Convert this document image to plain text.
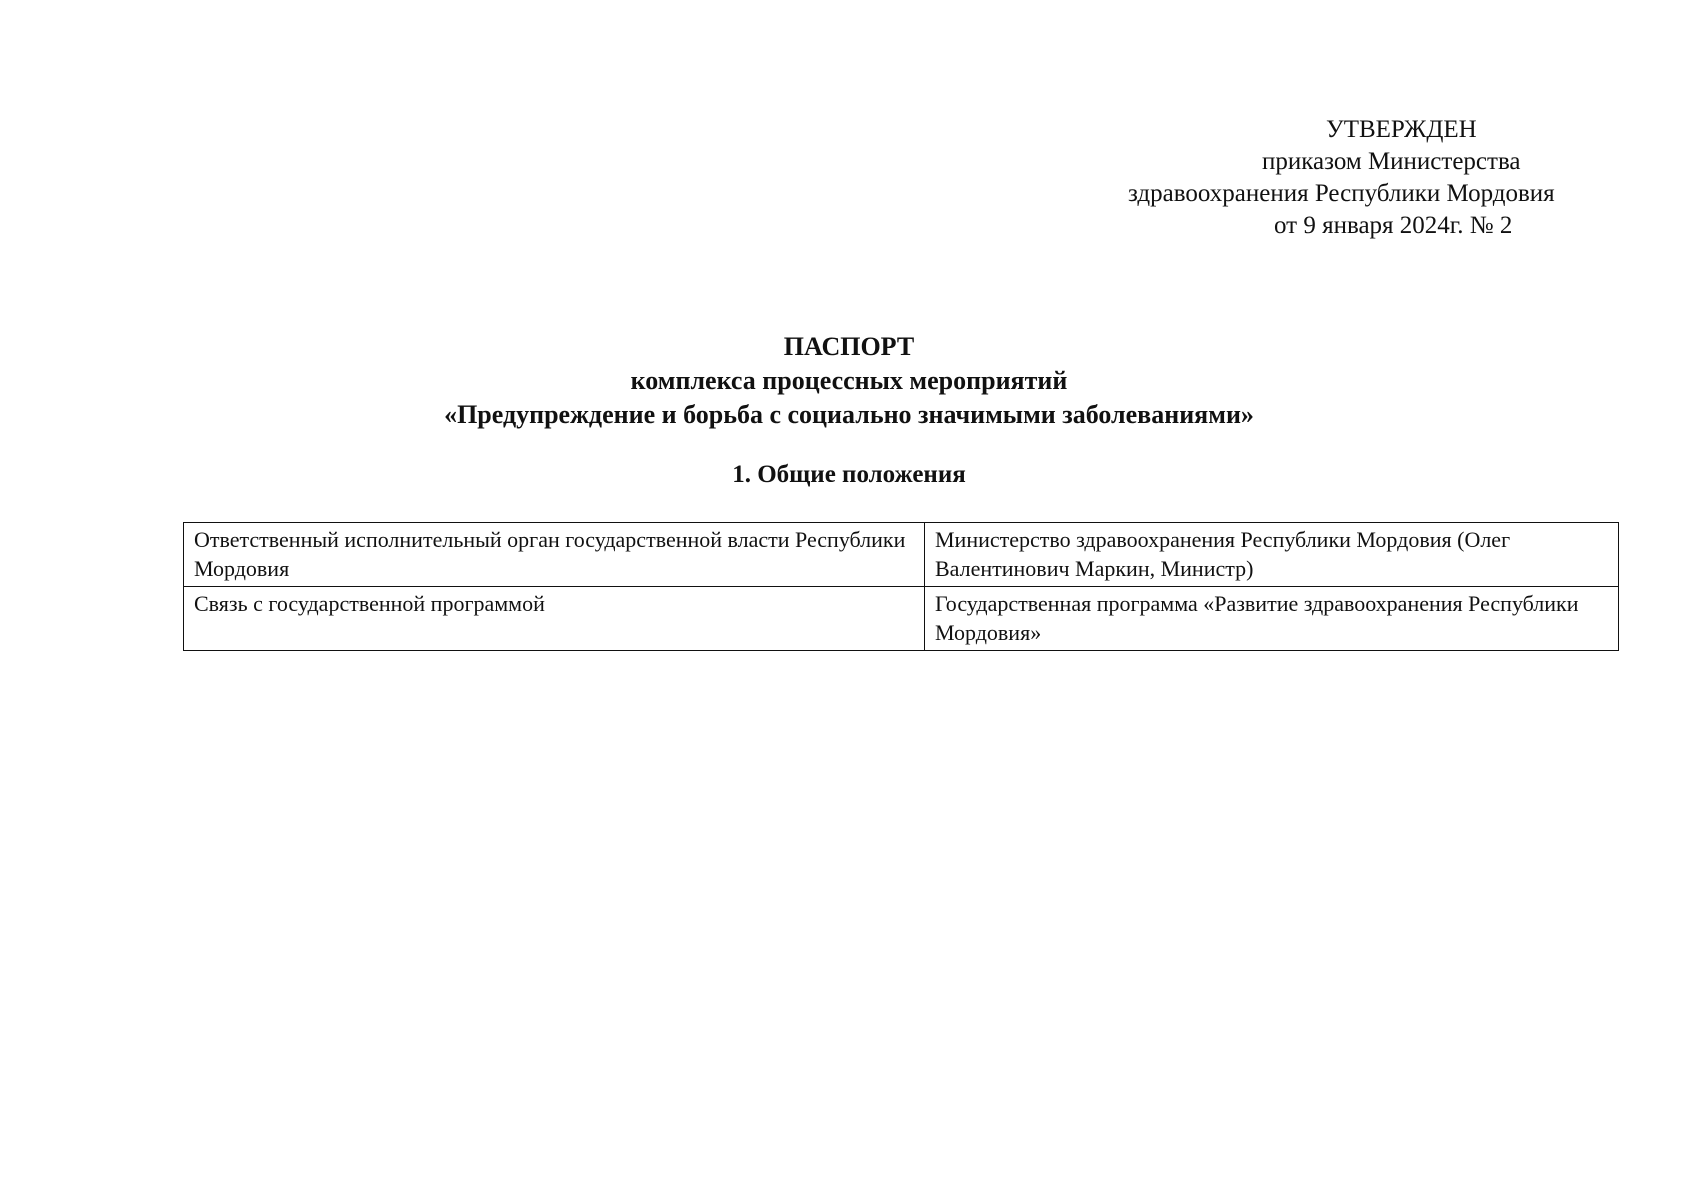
УТВЕРЖДЕН
приказом Министерства
здравоохранения Республики Мордовия
от 9 января 2024г. № 2
ПАСПОРТ
комплекса процессных мероприятий
«Предупреждение и борьба с социально значимыми заболеваниями»
1. Общие положения
Ответственный исполнительный орган государственной власти Республики Мордовия	Министерство здравоохранения Республики Мордовия (Олег Валентинович Маркин, Министр)
Связь с государственной программой	Государственная программа «Развитие здравоохранения Республики Мордовия»
